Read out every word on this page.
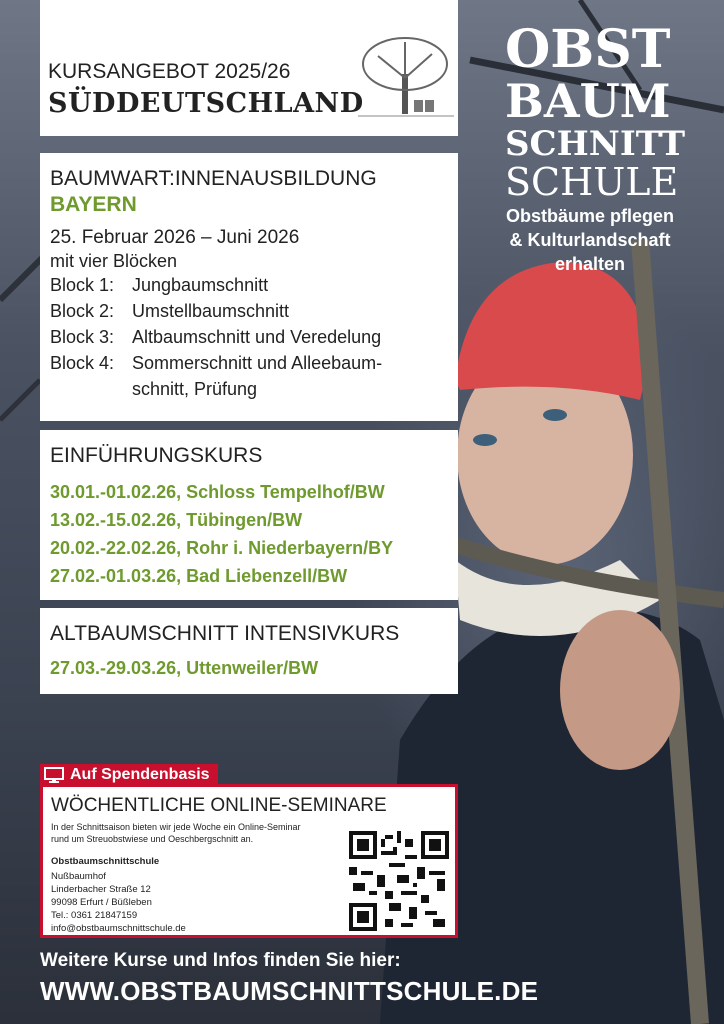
OBST
BAUM
SCHNITT
SCHULE
Obstbäume pflegen
& Kulturlandschaft
erhalten
KURSANGEBOT 2025/26
SÜDDEUTSCHLAND
BAUMWART:INNENAUSBILDUNG
BAYERN
25. Februar 2026 – Juni 2026
mit vier Blöcken
Block 1: Jungbaumschnitt
Block 2: Umstellbaumschnitt
Block 3: Altbaumschnitt und Veredelung
Block 4: Sommerschnitt und Alleebaum-
schnitt, Prüfung
EINFÜHRUNGSKURS
30.01.-01.02.26, Schloss Tempelhof/BW
13.02.-15.02.26, Tübingen/BW
20.02.-22.02.26, Rohr i. Niederbayern/BY
27.02.-01.03.26, Bad Liebenzell/BW
ALTBAUMSCHNITT INTENSIVKURS
27.03.-29.03.26, Uttenweiler/BW
Auf Spendenbasis
WÖCHENTLICHE ONLINE-SEMINARE
In der Schnittsaison bieten wir jede Woche ein Online-Seminar
rund um Streuobstwiese und Oeschbergschnitt an.
Obstbaumschnittschule
Nußbaumhof
Linderbacher Straße 12
99098 Erfurt / Büßleben
Tel.: 0361 21847159
info@obstbaumschnittschule.de
Weitere Kurse und Infos finden Sie hier:
WWW.OBSTBAUMSCHNITTSCHULE.DE
